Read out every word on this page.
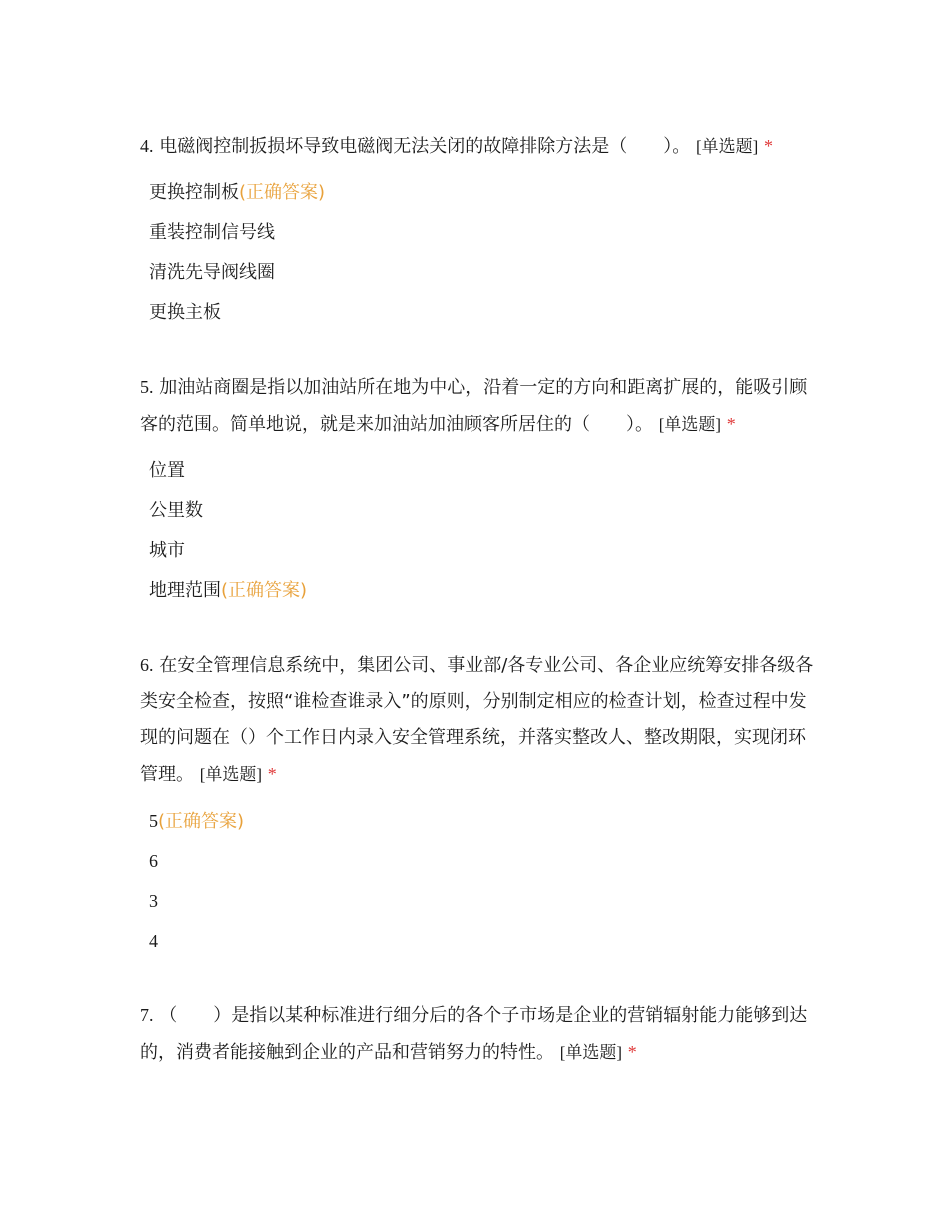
4. 电磁阀控制扳损坏导致电磁阀无法关闭的故障排除方法是（　　）。 [单选题] *

更换控制板(正确答案)
重装控制信号线
清洗先导阀线圈
更换主板

5. 加油站商圈是指以加油站所在地为中心，沿着一定的方向和距离扩展的，能吸引顾客的范围。简单地说，就是来加油站加油顾客所居住的（　　）。 [单选题] *

位置
公里数
城市
地理范围(正确答案)

6. 在安全管理信息系统中，集团公司、事业部/各专业公司、各企业应统筹安排各级各类安全检查，按照“谁检查谁录入”的原则，分别制定相应的检查计划，检查过程中发现的问题在（）个工作日内录入安全管理系统，并落实整改人、整改期限，实现闭环管理。 [单选题] *

5(正确答案)
6
3
4

7. （　　）是指以某种标准进行细分后的各个子市场是企业的营销辐射能力能够到达的，消费者能接触到企业的产品和营销努力的特性。 [单选题] *
